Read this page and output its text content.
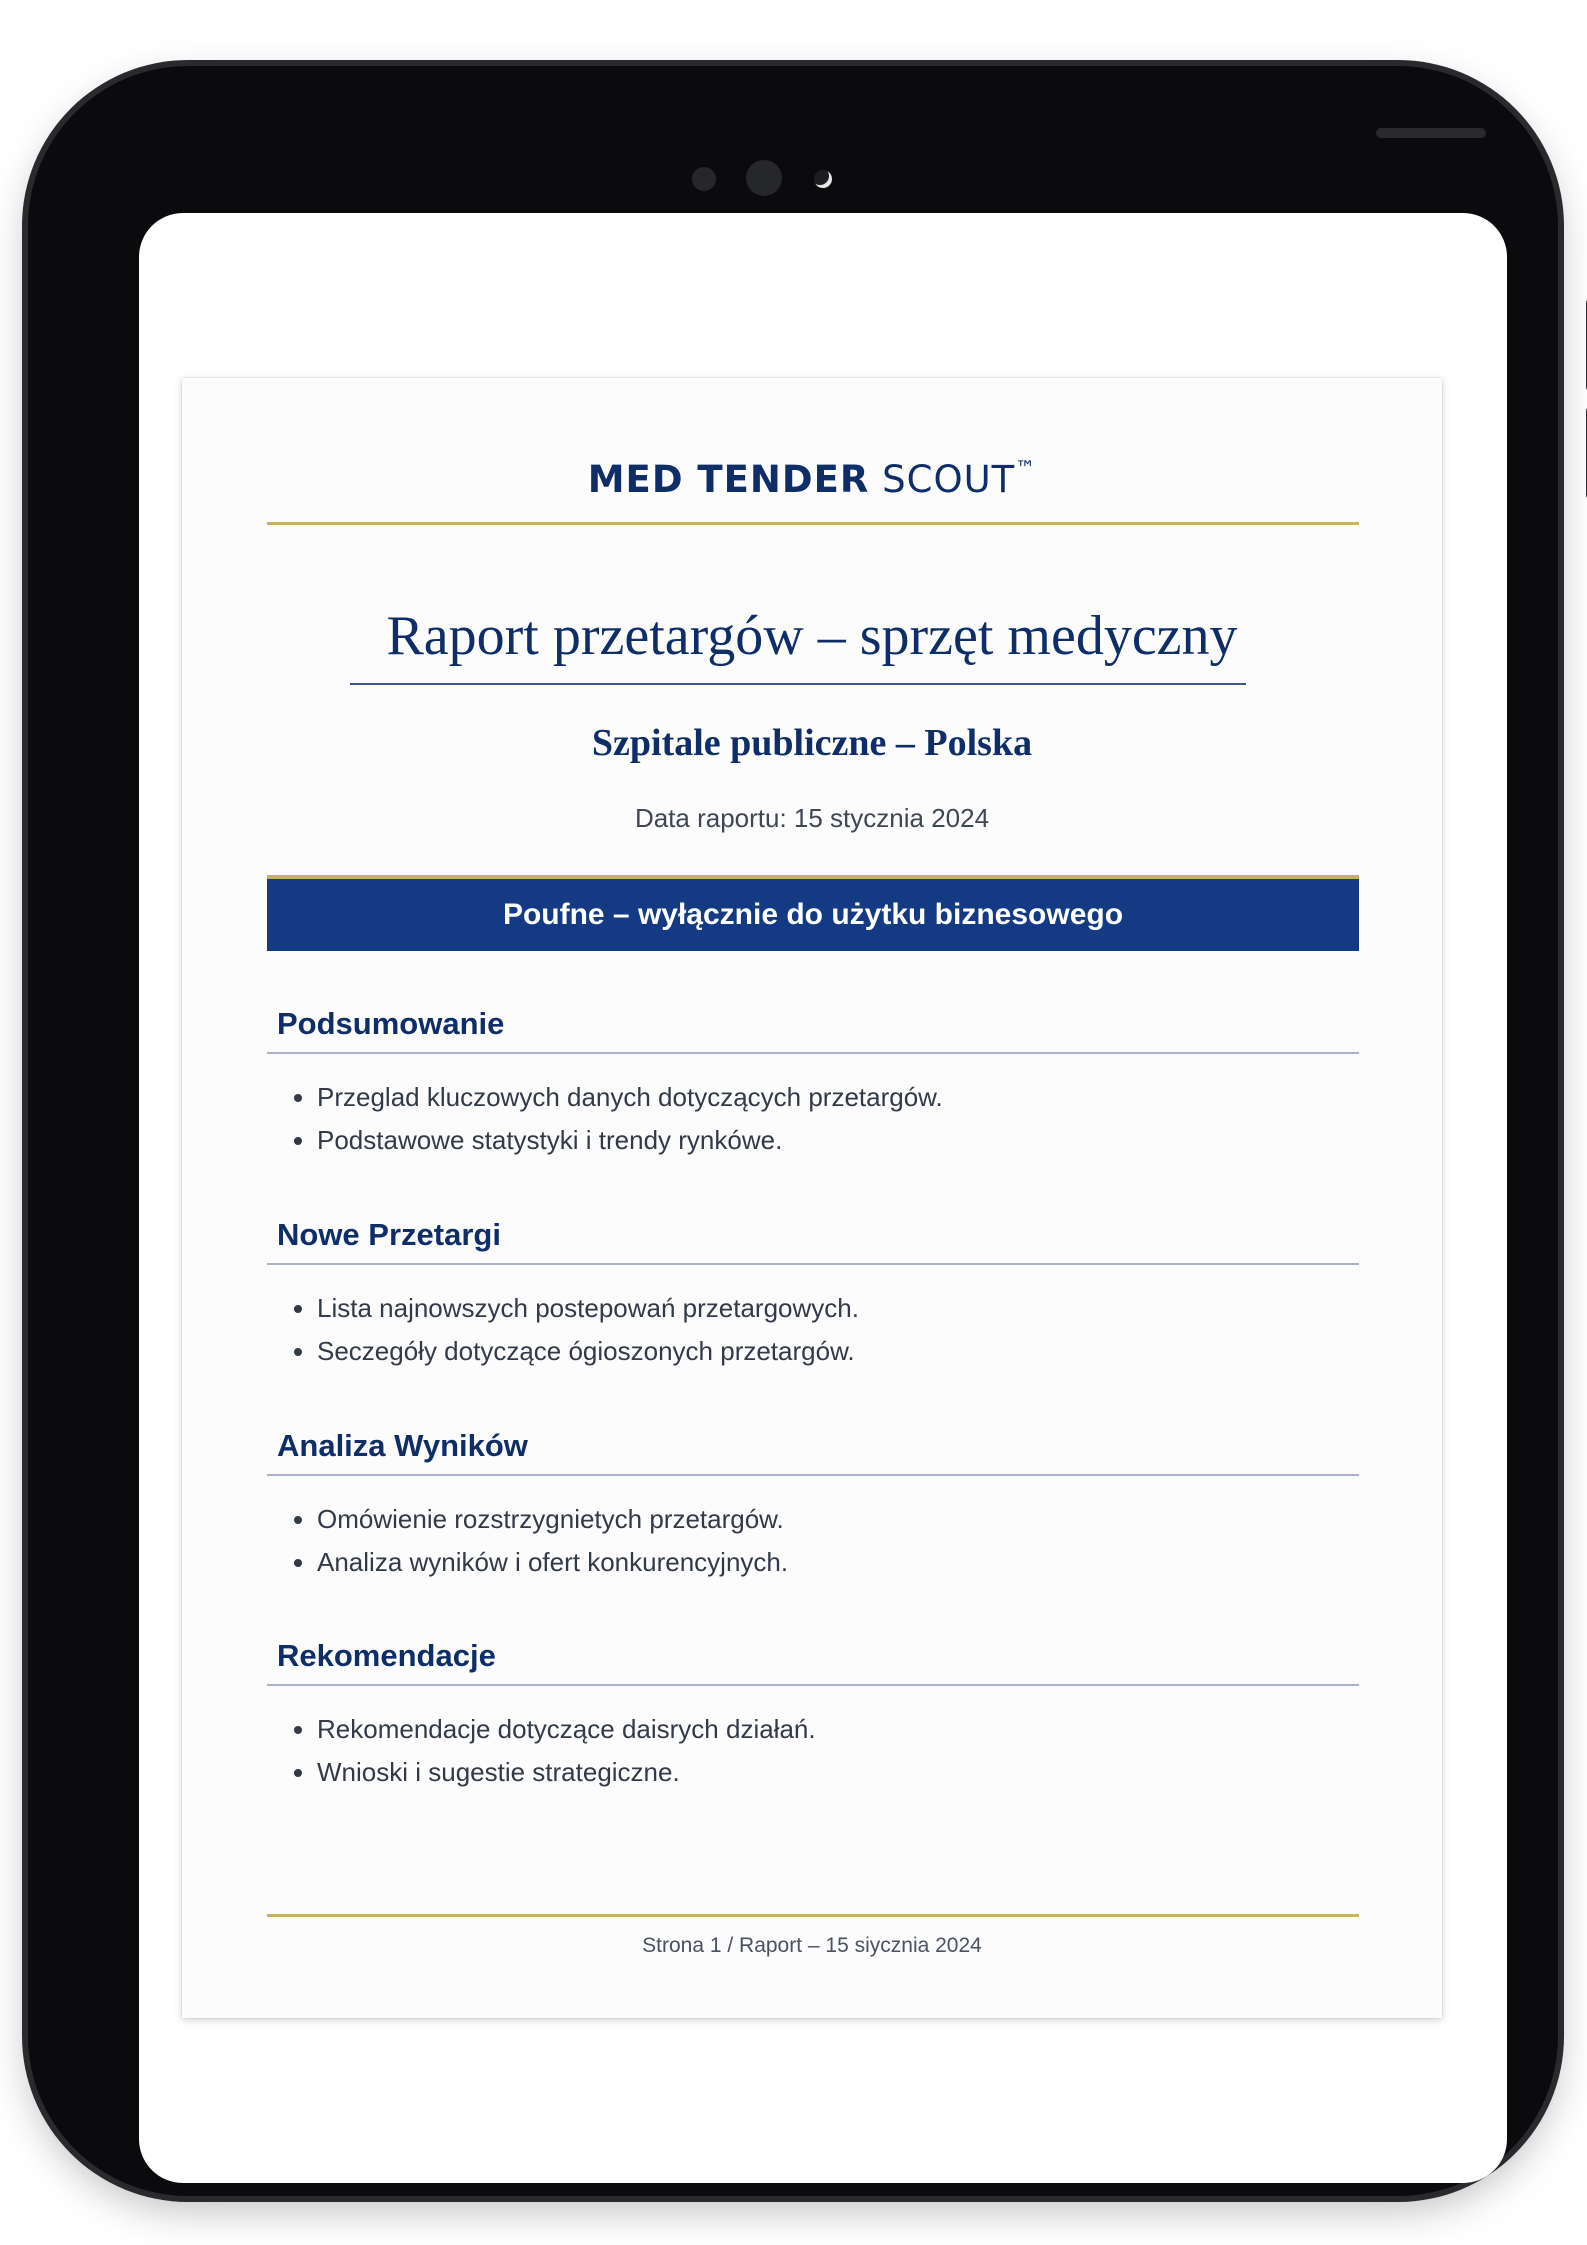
MED TENDER SCOUT™
Raport przetargów – sprzęt medyczny
Szpitale publiczne – Polska
Data raportu: 15 stycznia 2024
Poufne – wyłącznie do użytku biznesowego
Podsumowanie
Przeglad kluczowych danych dotyczących przetargów.
Podstawowe statystyki i trendy rynkówe.
Nowe Przetargi
Lista najnowszych postepowań przetargowych.
Seczegóły dotyczące ógioszonych przetargów.
Analiza Wyników
Omówienie rozstrzygnietych przetargów.
Analiza wyników i ofert konkurencyjnych.
Rekomendacje
Rekomendacje dotyczące daisrych działań.
Wnioski i sugestie strategiczne.
Strona 1 / Raport – 15 siycznia 2024
